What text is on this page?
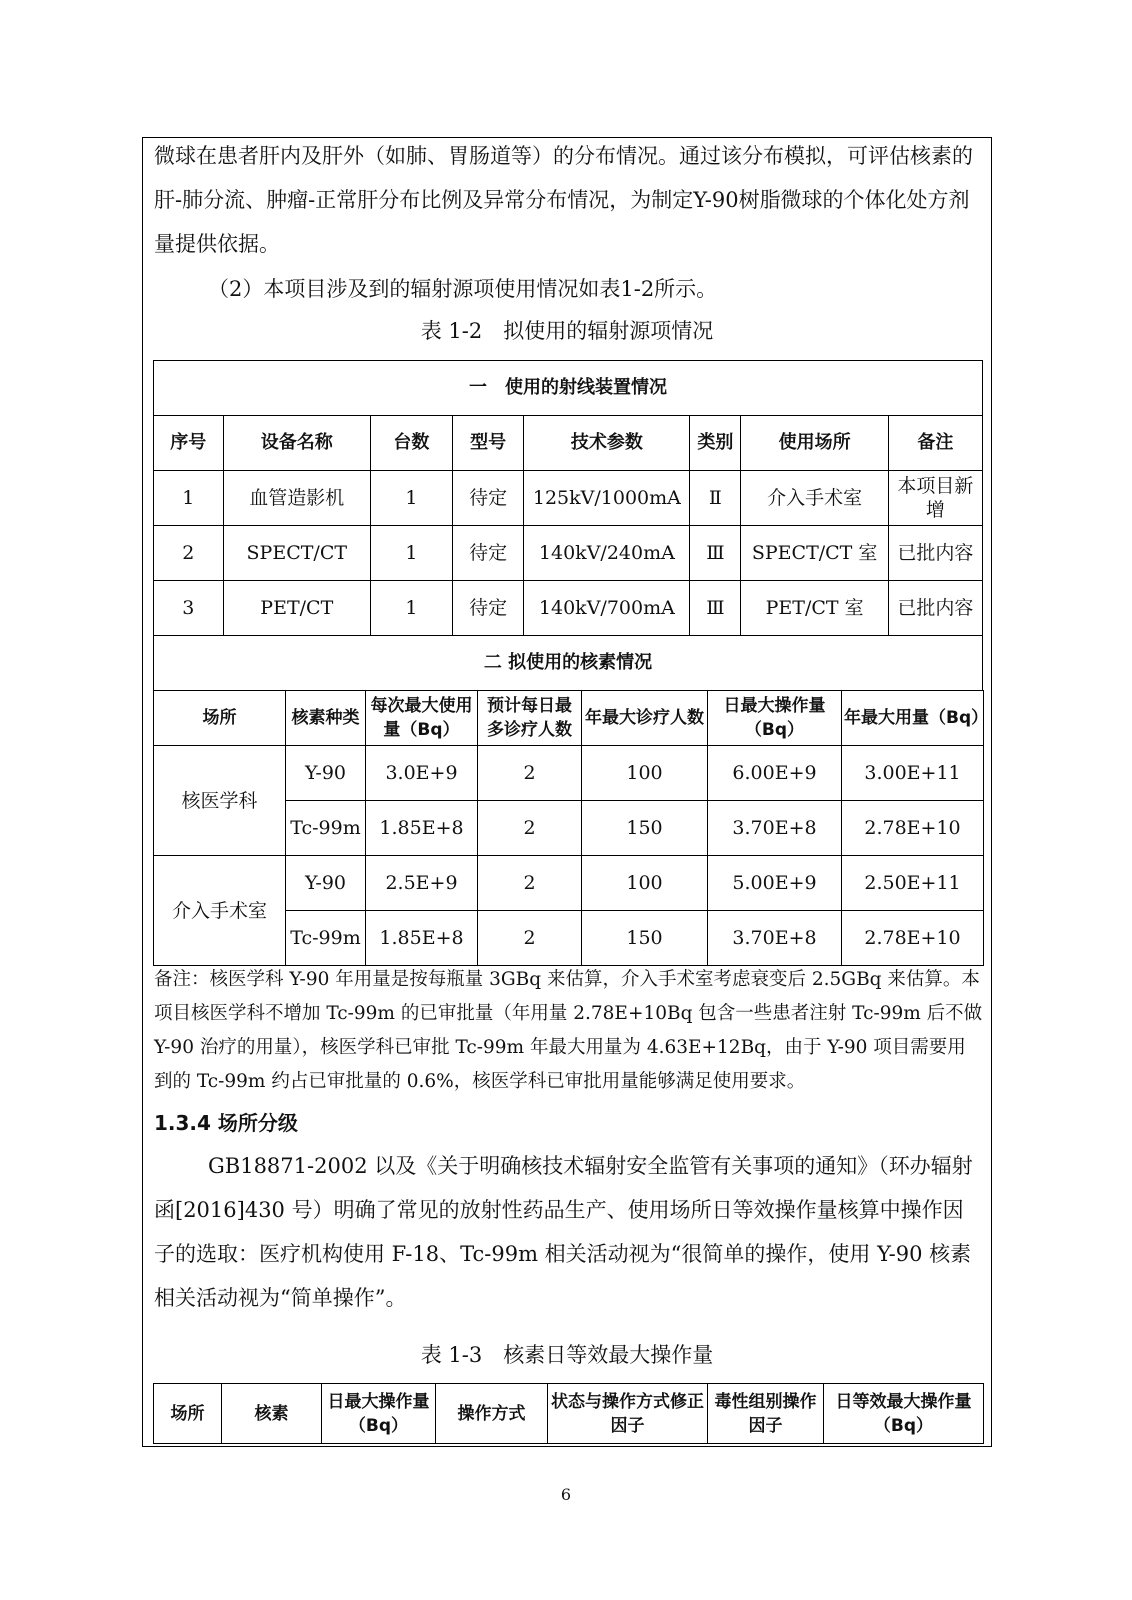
微球在患者肝内及肝外（如肺、胃肠道等）的分布情况。通过该分布模拟，可评估核素的肝-肺分流、肿瘤-正常肝分布比例及异常分布情况，为制定Y-90树脂微球的个体化处方剂量提供依据。

（2）本项目涉及到的辐射源项使用情况如表1-2所示。

表 1-2　拟使用的辐射源项情况
一　使用的射线装置情况							
序号	设备名称	台数	型号	技术参数	类别	使用场所	备注
1	血管造影机	1	待定	125kV/1000mA	Ⅱ	介入手术室	本项目新增
2	SPECT/CT	1	待定	140kV/240mA	Ⅲ	SPECT/CT 室	已批内容
3	PET/CT	1	待定	140kV/700mA	Ⅲ	PET/CT 室	已批内容
二 拟使用的核素情况							
场所	核素种类	每次最大使用量（Bq）	预计每日最多诊疗人数	年最大诊疗人数	日最大操作量（Bq）	年最大用量（Bq）
核医学科	Y-90	3.0E+9	2	100	6.00E+9	3.00E+11
	Tc-99m	1.85E+8	2	150	3.70E+8	2.78E+10
介入手术室	Y-90	2.5E+9	2	100	5.00E+9	2.50E+11
	Tc-99m	1.85E+8	2	150	3.70E+8	2.78E+10

备注：核医学科 Y-90 年用量是按每瓶量 3GBq 来估算，介入手术室考虑衰变后 2.5GBq 来估算。本项目核医学科不增加 Tc-99m 的已审批量（年用量 2.78E+10Bq 包含一些患者注射 Tc-99m 后不做 Y-90 治疗的用量），核医学科已审批 Tc-99m 年最大用量为 4.63E+12Bq，由于 Y-90 项目需要用到的 Tc-99m 约占已审批量的 0.6%，核医学科已审批用量能够满足使用要求。

1.3.4 场所分级

GB18871-2002 以及《关于明确核技术辐射安全监管有关事项的通知》（环办辐射函[2016]430 号）明确了常见的放射性药品生产、使用场所日等效操作量核算中操作因子的选取：医疗机构使用 F-18、Tc-99m 相关活动视为“很简单的操作，使用 Y-90 核素相关活动视为“简单操作”。

表 1-3　核素日等效最大操作量
场所	核素	日最大操作量（Bq）	操作方式	状态与操作方式修正因子	毒性组别操作因子	日等效最大操作量（Bq）
6
